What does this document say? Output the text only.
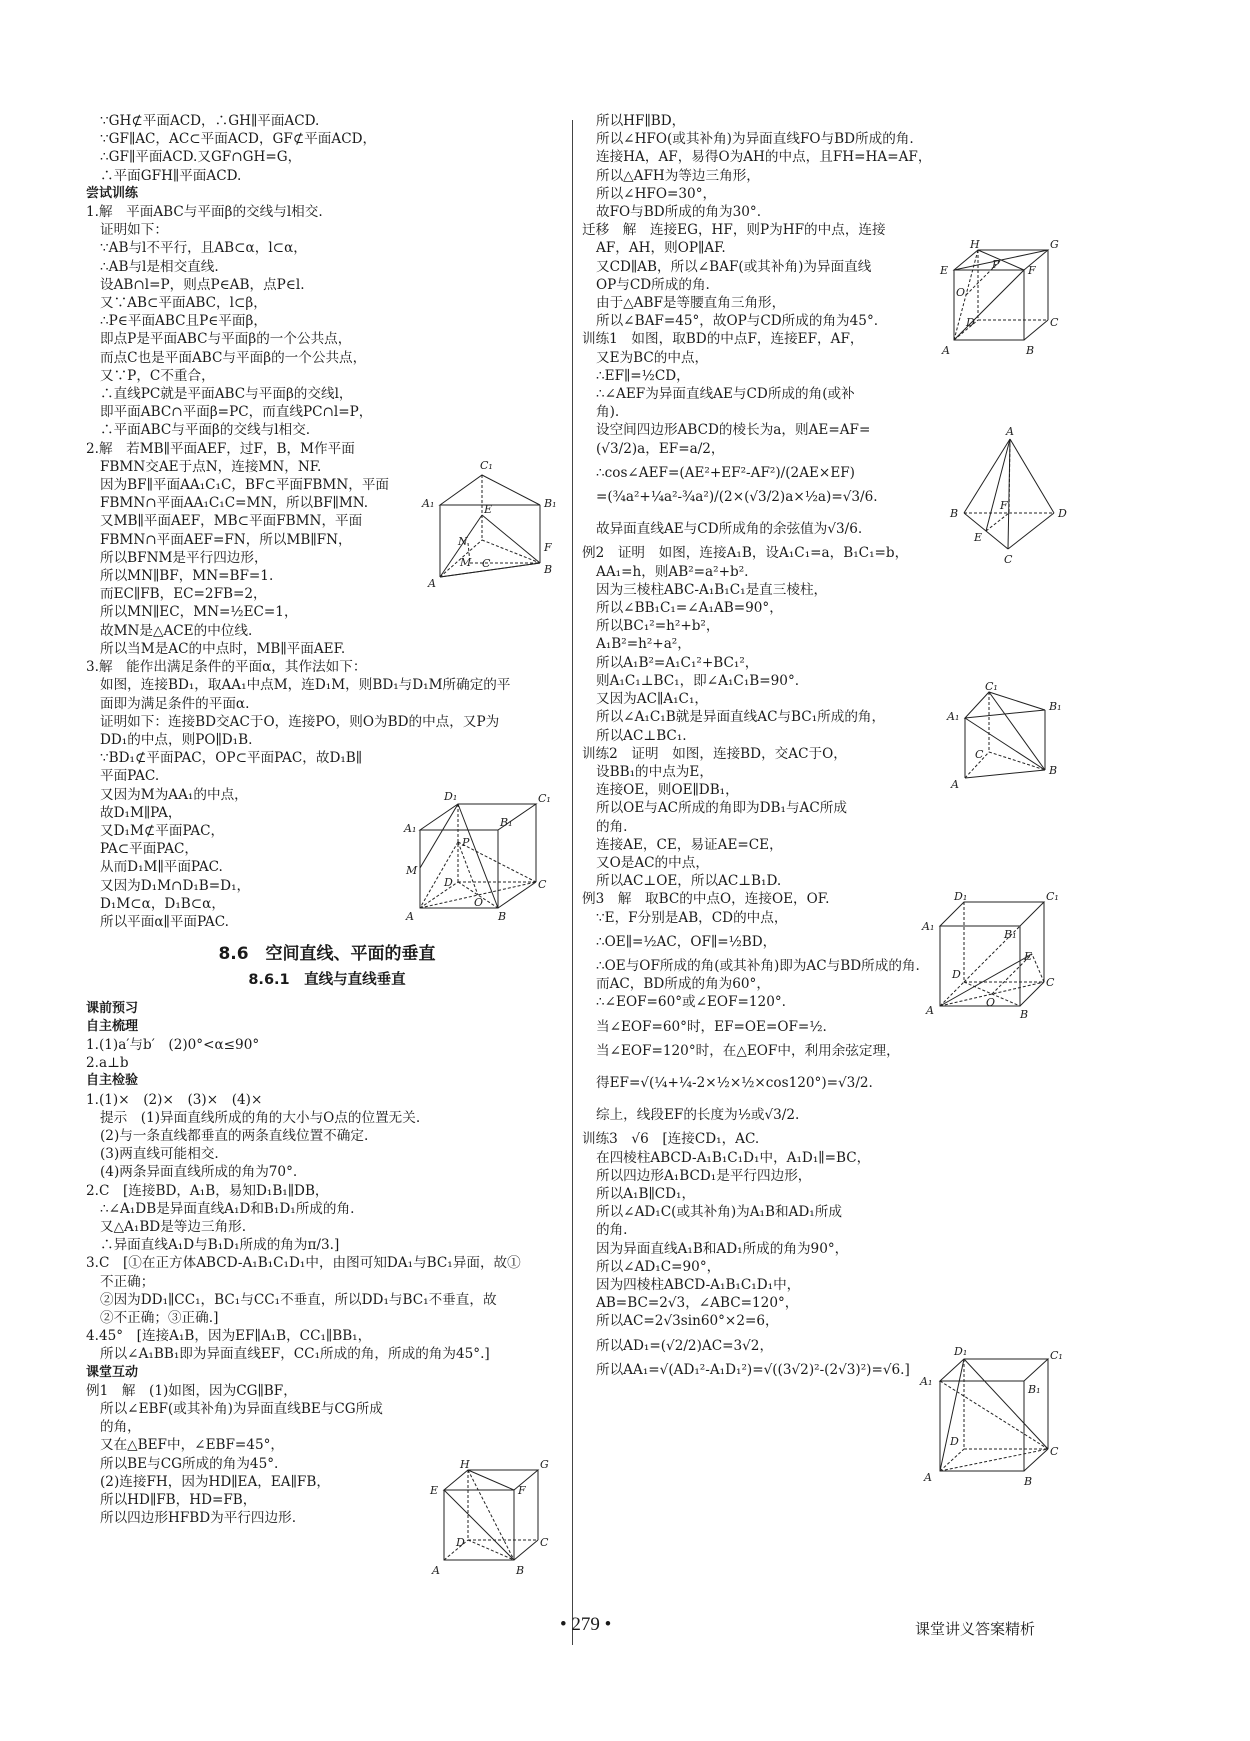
∵GH⊄平面ACD，∴GH∥平面ACD.
∵GF∥AC，AC⊂平面ACD，GF⊄平面ACD，
∴GF∥平面ACD.又GF∩GH=G，
∴平面GFH∥平面ACD.
尝试训练
1.解　平面ABC与平面β的交线与l相交.
证明如下：
∵AB与l不平行，且AB⊂α，l⊂α，
∴AB与l是相交直线.
设AB∩l=P，则点P∈AB，点P∈l.
又∵AB⊂平面ABC，l⊂β，
∴P∈平面ABC且P∈平面β，
即点P是平面ABC与平面β的一个公共点，
而点C也是平面ABC与平面β的一个公共点，
又∵P，C不重合，
∴直线PC就是平面ABC与平面β的交线l，
即平面ABC∩平面β=PC，而直线PC∩l=P，
∴平面ABC与平面β的交线与l相交.
2.解　若MB∥平面AEF，过F，B，M作平面
FBMN交AE于点N，连接MN，NF.
因为BF∥平面AA₁C₁C，BF⊂平面FBMN，平面
FBMN∩平面AA₁C₁C=MN，所以BF∥MN.
又MB∥平面AEF，MB⊂平面FBMN，平面
FBMN∩平面AEF=FN，所以MB∥FN，
所以BFNM是平行四边形，
所以MN∥BF，MN=BF=1.
而EC∥FB，EC=2FB=2，
所以MN∥EC，MN=½EC=1，
故MN是△ACE的中位线.
所以当M是AC的中点时，MB∥平面AEF.
3.解　能作出满足条件的平面α，其作法如下：
如图，连接BD₁，取AA₁中点M，连D₁M，则BD₁与D₁M所确定的平
面即为满足条件的平面α.
证明如下：连接BD交AC于O，连接PO，则O为BD的中点，又P为
DD₁的中点，则PO∥D₁B.
∵BD₁⊄平面PAC，OP⊂平面PAC，故D₁B∥
平面PAC.
又因为M为AA₁的中点，
故D₁M∥PA，
又D₁M⊄平面PAC，
PA⊂平面PAC，
从而D₁M∥平面PAC.
又因为D₁M∩D₁B=D₁，
D₁M⊂α，D₁B⊂α，
所以平面α∥平面PAC.
8.6　空间直线、平面的垂直
8.6.1　直线与直线垂直
课前预习
自主梳理
1.(1)a′与b′　(2)0°<α≤90°
2.a⊥b
自主检验
1.(1)×　(2)×　(3)×　(4)×
提示　(1)异面直线所成的角的大小与O点的位置无关.
(2)与一条直线都垂直的两条直线位置不确定.
(3)两直线可能相交.
(4)两条异面直线所成的角为70°.
2.C　[连接BD，A₁B，易知D₁B₁∥DB，
∴∠A₁DB是异面直线A₁D和B₁D₁所成的角.
又△A₁BD是等边三角形.
∴异面直线A₁D与B₁D₁所成的角为π/3.]
3.C　[①在正方体ABCD-A₁B₁C₁D₁中，由图可知DA₁与BC₁异面，故①
不正确；
②因为DD₁∥CC₁，BC₁与CC₁不垂直，所以DD₁与BC₁不垂直，故
②不正确；③正确.]
4.45°　[连接A₁B，因为EF∥A₁B，CC₁∥BB₁，
所以∠A₁BB₁即为异面直线EF，CC₁所成的角，所成的角为45°.]
课堂互动
例1　解　(1)如图，因为CG∥BF，
所以∠EBF(或其补角)为异面直线BE与CG所成
的角，
又在△BEF中，∠EBF=45°，
所以BE与CG所成的角为45°.
(2)连接FH，因为HD∥EA，EA∥FB，
所以HD∥FB，HD=FB，
所以四边形HFBD为平行四边形.
所以HF∥BD，
所以∠HFO(或其补角)为异面直线FO与BD所成的角.
连接HA，AF，易得O为AH的中点，且FH=HA=AF，
所以△AFH为等边三角形，
所以∠HFO=30°，
故FO与BD所成的角为30°.
迁移　解　连接EG，HF，则P为HF的中点，连接
AF，AH，则OP∥AF.
又CD∥AB，所以∠BAF(或其补角)为异面直线
OP与CD所成的角.
由于△ABF是等腰直角三角形，
所以∠BAF=45°，故OP与CD所成的角为45°.
训练1　如图，取BD的中点F，连接EF，AF，
又E为BC的中点，
∴EF∥=½CD，
∴∠AEF为异面直线AE与CD所成的角(或补
角).
设空间四边形ABCD的棱长为a，则AE=AF=
(√3/2)a，EF=a/2，
∴cos∠AEF=(AE²+EF²-AF²)/(2AE×EF)
=(¾a²+¼a²-¾a²)/(2×(√3/2)a×½a)=√3/6.
故异面直线AE与CD所成角的余弦值为√3/6.
例2　证明　如图，连接A₁B，设A₁C₁=a，B₁C₁=b，
AA₁=h，则AB²=a²+b².
因为三棱柱ABC-A₁B₁C₁是直三棱柱，
所以∠BB₁C₁=∠A₁AB=90°，
所以BC₁²=h²+b²，
A₁B²=h²+a²，
所以A₁B²=A₁C₁²+BC₁²，
则A₁C₁⊥BC₁，即∠A₁C₁B=90°.
又因为AC∥A₁C₁，
所以∠A₁C₁B就是异面直线AC与BC₁所成的角，
所以AC⊥BC₁.
训练2　证明　如图，连接BD，交AC于O，
设BB₁的中点为E，
连接OE，则OE∥DB₁，
所以OE与AC所成的角即为DB₁与AC所成
的角.
连接AE，CE，易证AE=CE，
又O是AC的中点，
所以AC⊥OE，所以AC⊥B₁D.
例3　解　取BC的中点O，连接OE，OF.
∵E，F分别是AB，CD的中点，
∴OE∥=½AC，OF∥=½BD，
∴OE与OF所成的角(或其补角)即为AC与BD所成的角.
而AC，BD所成的角为60°，
∴∠EOF=60°或∠EOF=120°.
当∠EOF=60°时，EF=OE=OF=½.
当∠EOF=120°时，在△EOF中，利用余弦定理，
得EF=√(¼+¼-2×½×½×cos120°)=√3/2.
综上，线段EF的长度为½或√3/2.
训练3　√6　[连接CD₁，AC.
在四棱柱ABCD-A₁B₁C₁D₁中，A₁D₁∥=BC，
所以四边形A₁BCD₁是平行四边形，
所以A₁B∥CD₁，
所以∠AD₁C(或其补角)为A₁B和AD₁所成
的角.
因为异面直线A₁B和AD₁所成的角为90°，
所以∠AD₁C=90°，
因为四棱柱ABCD-A₁B₁C₁D₁中，
AB=BC=2√3，∠ABC=120°，
所以AC=2√3sin60°×2=6，
所以AD₁=(√2/2)AC=3√2，
所以AA₁=√(AD₁²-A₁D₁²)=√((3√2)²-(2√3)²)=√6.]
C₁
A₁	B₁
E
N
M C
A
B
F
D₁	C₁
A₁	B₁
P
M
D	C
O
A	B
H	G
E	F
D	C
A	B
H	G
E	F
O
P
D	C
A	B
A
B
F
D
E
C
C₁
B₁
A₁
C
B
A
D₁	C₁
A₁
B₁
D
E
C
O
A	B
D₁	C₁
A₁
B₁
D
C
A	B
• 279 •	课堂讲义答案精析
